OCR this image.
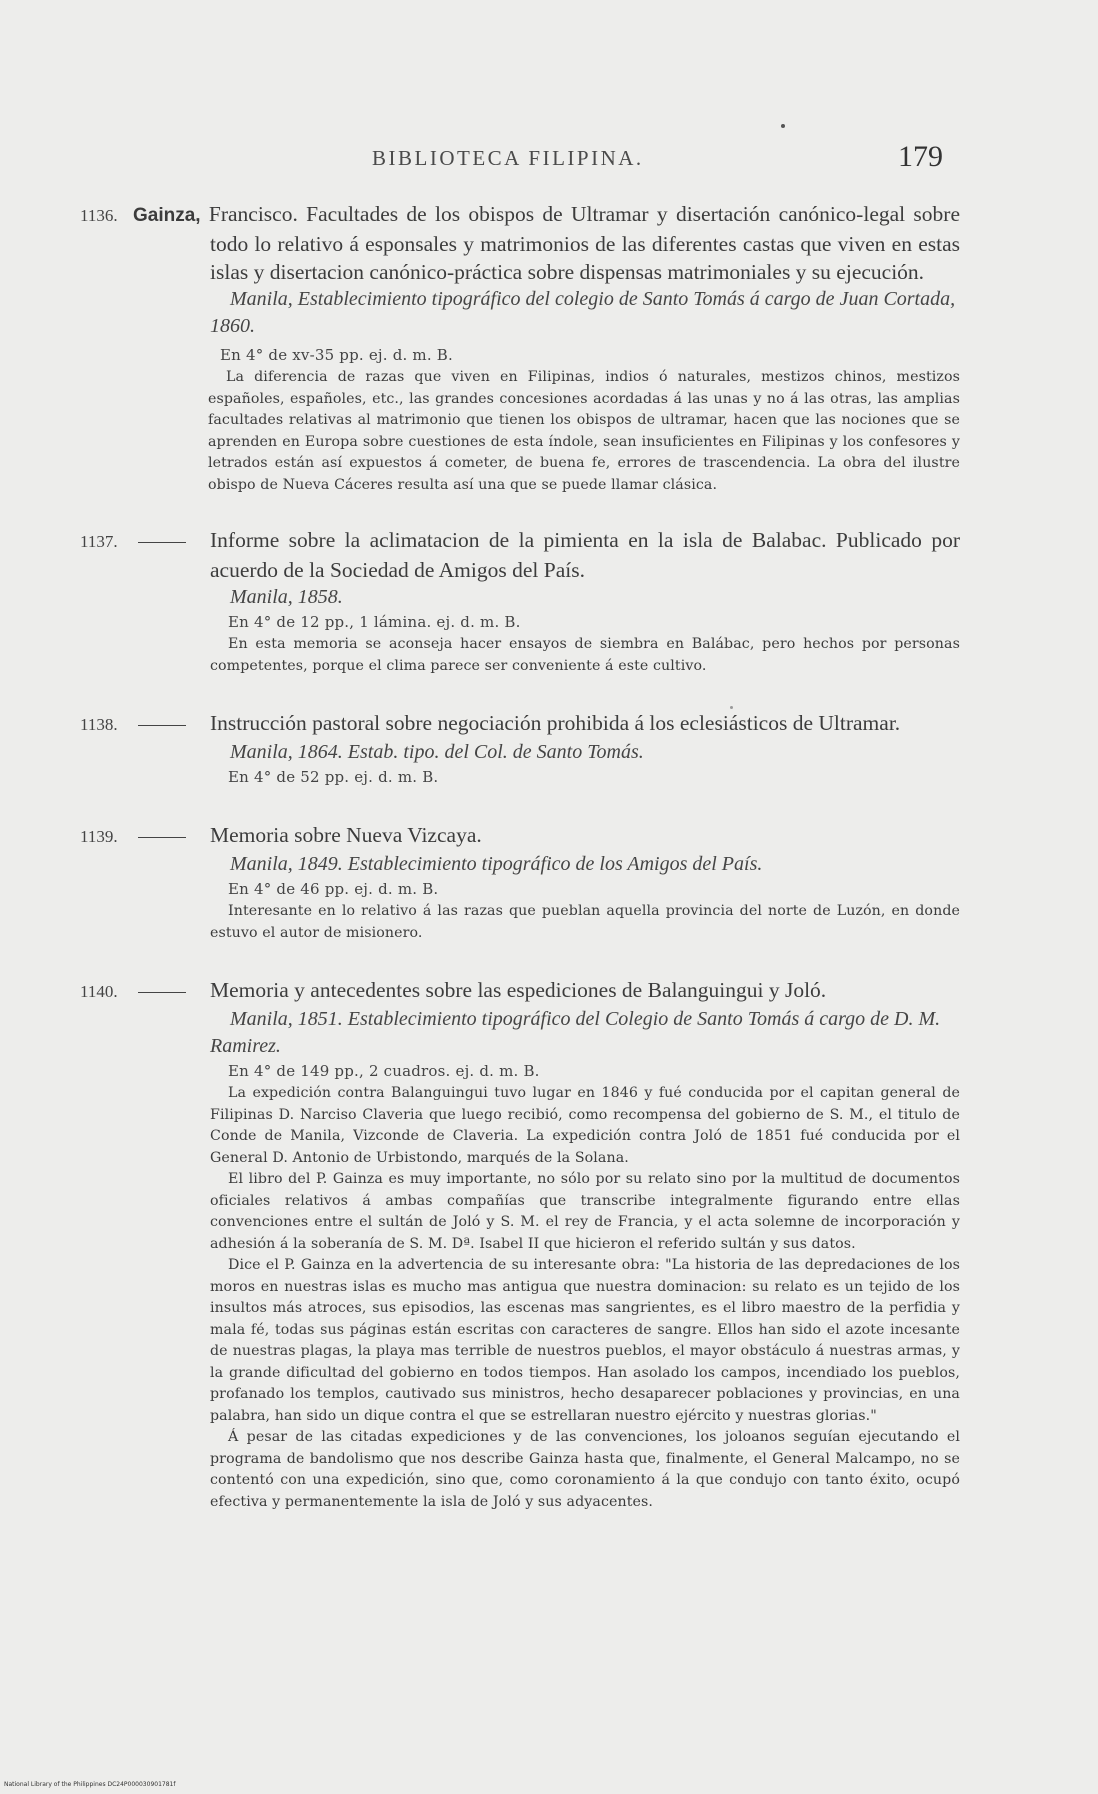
BIBLIOTECA FILIPINA.	179
1136. Gainza, Francisco. Facultades de los obispos de Ultramar y disertación canónico-legal sobre todo lo relativo á esponsales y matrimonios de las diferentes castas que viven en estas islas y disertacion canónico-práctica sobre dispensas matrimoniales y su ejecución.
Manila, Establecimiento tipográfico del colegio de Santo Tomás á cargo de Juan Cortada, 1860.
En 4° de xv-35 pp. ej. d. m. B.
La diferencia de razas que viven en Filipinas, indios ó naturales, mestizos chinos, mestizos españoles, españoles, etc., las grandes concesiones acordadas á las unas y no á las otras, las amplias facultades relativas al matrimonio que tienen los obispos de ultramar, hacen que las nociones que se aprenden en Europa sobre cuestiones de esta índole, sean insuficientes en Filipinas y los confesores y letrados están así expuestos á cometer, de buena fe, errores de trascendencia. La obra del ilustre obispo de Nueva Cáceres resulta así una que se puede llamar clásica.
1137.	Informe sobre la aclimatacion de la pimienta en la isla de Balabac. Publicado por acuerdo de la Sociedad de Amigos del País.
Manila, 1858.
En 4° de 12 pp., 1 lámina. ej. d. m. B.
En esta memoria se aconseja hacer ensayos de siembra en Balábac, pero hechos por personas competentes, porque el clima parece ser conveniente á este cultivo.
1138.	Instrucción pastoral sobre negociación prohibida á los eclesiásticos de Ultramar.
Manila, 1864. Estab. tipo. del Col. de Santo Tomás.
En 4° de 52 pp. ej. d. m. B.
1139.	Memoria sobre Nueva Vizcaya.
Manila, 1849. Establecimiento tipográfico de los Amigos del País.
En 4° de 46 pp. ej. d. m. B.
Interesante en lo relativo á las razas que pueblan aquella provincia del norte de Luzón, en donde estuvo el autor de misionero.
1140.	Memoria y antecedentes sobre las espediciones de Balanguingui y Joló.
Manila, 1851. Establecimiento tipográfico del Colegio de Santo Tomás á cargo de D. M. Ramirez.
En 4° de 149 pp., 2 cuadros. ej. d. m. B.
La expedición contra Balanguingui tuvo lugar en 1846 y fué conducida por el capitan general de Filipinas D. Narciso Claveria que luego recibió, como recompensa del gobierno de S. M., el titulo de Conde de Manila, Vizconde de Claveria. La expedición contra Joló de 1851 fué conducida por el General D. Antonio de Urbistondo, marqués de la Solana.
El libro del P. Gainza es muy importante, no sólo por su relato sino por la multitud de documentos oficiales relativos á ambas compañías que transcribe integralmente figurando entre ellas convenciones entre el sultán de Joló y S. M. el rey de Francia, y el acta solemne de incorporación y adhesión á la soberanía de S. M. Dª. Isabel II que hicieron el referido sultán y sus datos.
Dice el P. Gainza en la advertencia de su interesante obra: "La historia de las depredaciones de los moros en nuestras islas es mucho mas antigua que nuestra dominacion: su relato es un tejido de los insultos más atroces, sus episodios, las escenas mas sangrientes, es el libro maestro de la perfidia y mala fé, todas sus páginas están escritas con caracteres de sangre. Ellos han sido el azote incesante de nuestras plagas, la playa mas terrible de nuestros pueblos, el mayor obstáculo á nuestras armas, y la grande dificultad del gobierno en todos tiempos. Han asolado los campos, incendiado los pueblos, profanado los templos, cautivado sus ministros, hecho desaparecer poblaciones y provincias, en una palabra, han sido un dique contra el que se estrellaran nuestro ejército y nuestras glorias."
Á pesar de las citadas expediciones y de las convenciones, los joloanos seguían ejecutando el programa de bandolismo que nos describe Gainza hasta que, finalmente, el General Malcampo, no se contentó con una expedición, sino que, como coronamiento á la que condujo con tanto éxito, ocupó efectiva y permanentemente la isla de Joló y sus adyacentes.
National Library of the Philippines DC24P000030901781f
